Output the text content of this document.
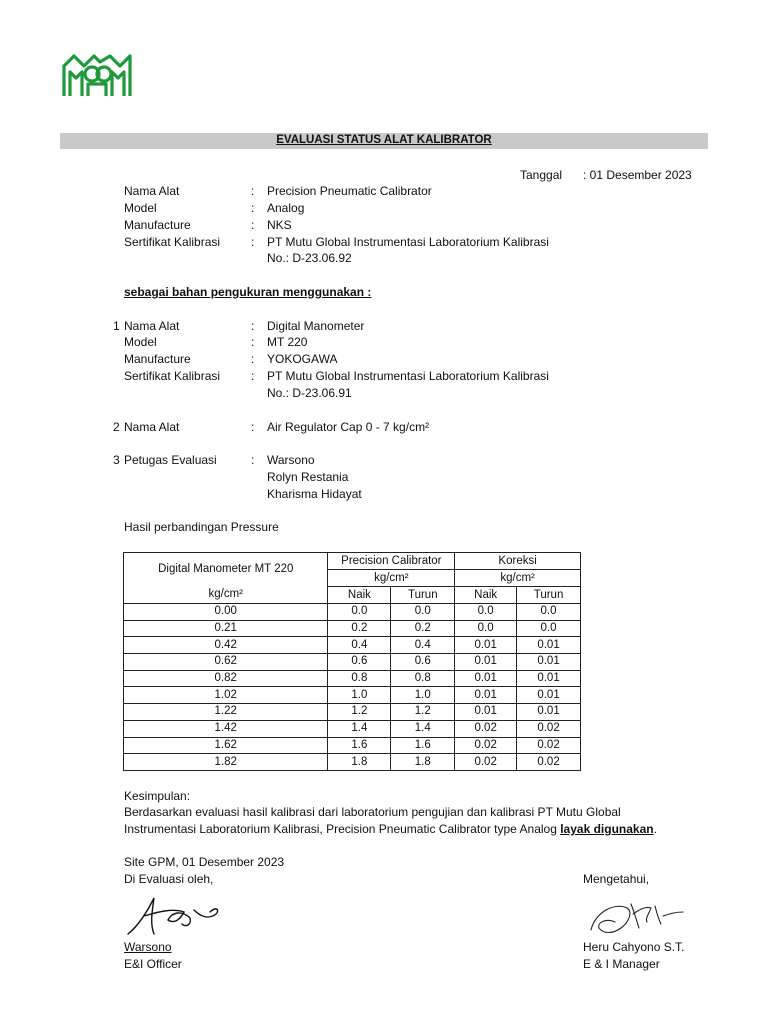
EVALUASI STATUS ALAT KALIBRATOR
Tanggal : 01 Desember 2023
Nama Alat	: Precision Pneumatic Calibrator
Model	: Analog
Manufacture	: NKS
Sertifikat Kalibrasi	: PT Mutu Global Instrumentasi Laboratorium Kalibrasi
No.: D-23.06.92
sebagai bahan pengukuran menggunakan :
1 Nama Alat	: Digital Manometer
Model	: MT 220
Manufacture	: YOKOGAWA
Sertifikat Kalibrasi	: PT Mutu Global Instrumentasi Laboratorium Kalibrasi
No.: D-23.06.91
2 Nama Alat	: Air Regulator Cap 0 - 7 kg/cm²
3 Petugas Evaluasi	: Warsono
Rolyn Restania
Kharisma Hidayat
Hasil perbandingan Pressure
Digital Manometer MT 220	Precision Calibrator		Koreksi	
	kg/cm²		kg/cm²	
kg/cm²	Naik	Turun	Naik	Turun
0.00	0.0	0.0	0.0	0.0
0.21	0.2	0.2	0.0	0.0
0.42	0.4	0.4	0.01	0.01
0.62	0.6	0.6	0.01	0.01
0.82	0.8	0.8	0.01	0.01
1.02	1.0	1.0	0.01	0.01
1.22	1.2	1.2	0.01	0.01
1.42	1.4	1.4	0.02	0.02
1.62	1.6	1.6	0.02	0.02
1.82	1.8	1.8	0.02	0.02
Kesimpulan:
Berdasarkan evaluasi hasil kalibrasi dari laboratorium pengujian dan kalibrasi PT Mutu Global
Instrumentasi Laboratorium Kalibrasi, Precision Pneumatic Calibrator type Analog layak digunakan.
Site GPM, 01 Desember 2023
Di Evaluasi oleh,	Mengetahui,
Warsono
E&I Officer
Heru Cahyono S.T.
E & I Manager
